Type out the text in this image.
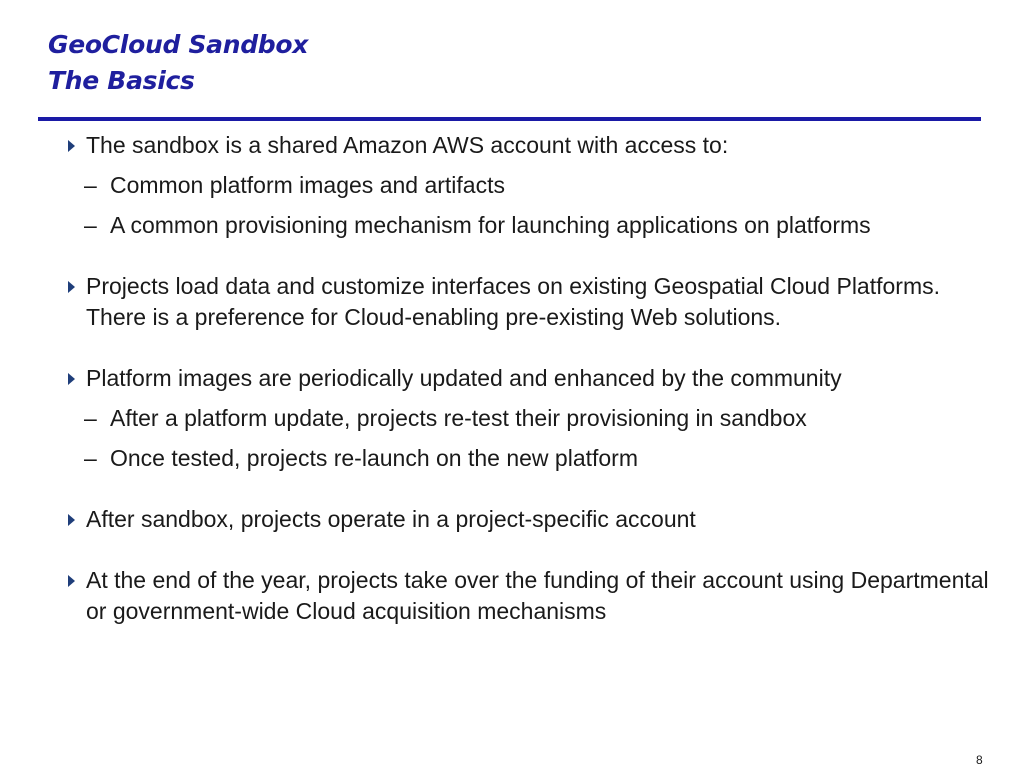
GeoCloud Sandbox
The Basics
The sandbox is a shared Amazon AWS account with access to:
– Common platform images and artifacts
– A common provisioning mechanism for launching applications on platforms
Projects load data and customize interfaces on existing Geospatial Cloud Platforms. There is a preference for Cloud-enabling pre-existing Web solutions.
Platform images are periodically updated and enhanced by the community
– After a platform update, projects re-test their provisioning in sandbox
– Once tested, projects re-launch on the new platform
After sandbox, projects operate in a project-specific account
At the end of the year, projects take over the funding of their account using Departmental or government-wide Cloud acquisition mechanisms
8
